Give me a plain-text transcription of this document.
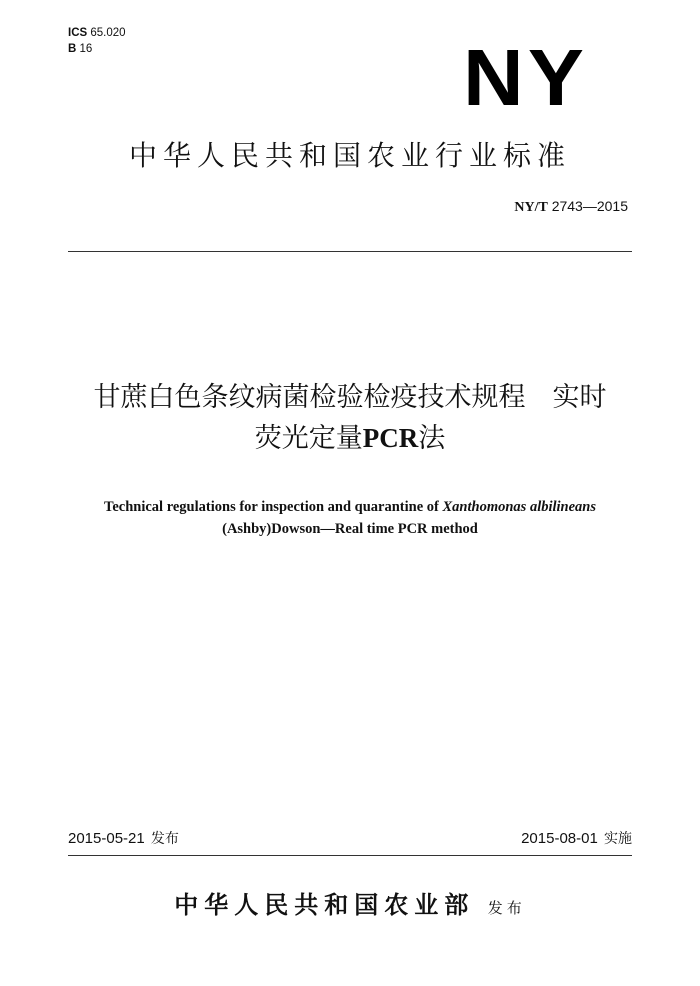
ICS 65.020
B 16	NY
中华人民共和国农业行业标准
NY/T 2743—2015
甘蔗白色条纹病菌检验检疫技术规程　实时
荧光定量PCR法
Technical regulations for inspection and quarantine of Xanthomonas albilineans
(Ashby)Dowson—Real time PCR method
2015-05-21 发布	2015-08-01 实施
中华人民共和国农业部 发布
